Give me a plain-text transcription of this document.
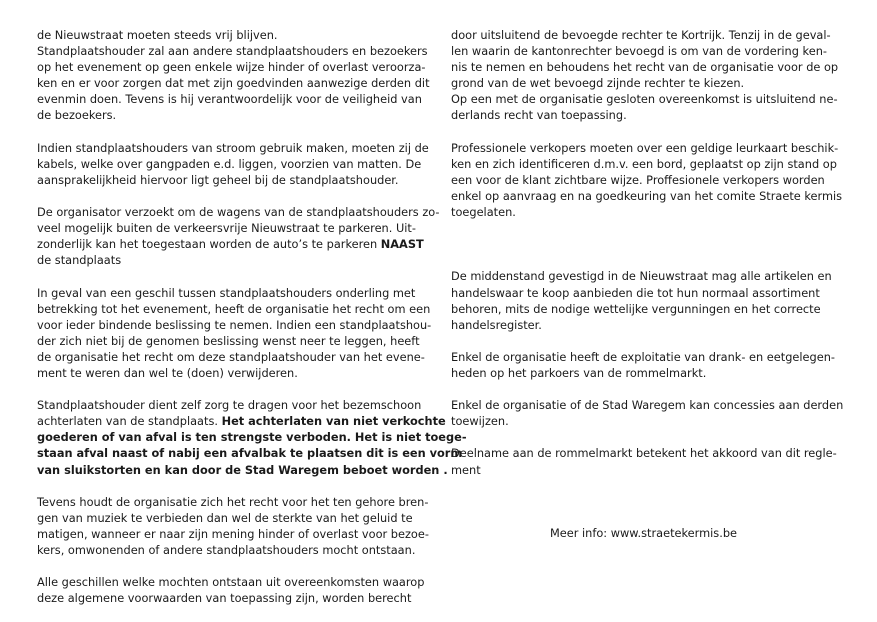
de Nieuwstraat moeten steeds vrij blijven.
Standplaatshouder zal aan andere standplaatshouders en bezoekers
op het evenement op geen enkele wijze hinder of overlast veroorza-
ken en er voor zorgen dat met zijn goedvinden aanwezige derden dit
evenmin doen. Tevens is hij verantwoordelijk voor de veiligheid van
de bezoekers.
Indien standplaatshouders van stroom gebruik maken, moeten zij de
kabels, welke over gangpaden e.d. liggen, voorzien van matten. De
aansprakelijkheid hiervoor ligt geheel bij de standplaatshouder.
De organisator verzoekt om de wagens van de standplaatshouders zo-
veel mogelijk buiten de verkeersvrije Nieuwstraat te parkeren. Uit-
zonderlijk kan het toegestaan worden de auto’s te parkeren NAAST
de standplaats
In geval van een geschil tussen standplaatshouders onderling met
betrekking tot het evenement, heeft de organisatie het recht om een
voor ieder bindende beslissing te nemen. Indien een standplaatshou-
der zich niet bij de genomen beslissing wenst neer te leggen, heeft
de organisatie het recht om deze standplaatshouder van het evene-
ment te weren dan wel te (doen) verwijderen.
Standplaatshouder dient zelf zorg te dragen voor het bezemschoon
achterlaten van de standplaats. Het achterlaten van niet verkochte
goederen of van afval is ten strengste verboden. Het is niet toege-
staan afval naast of nabij een afvalbak te plaatsen dit is een vorm
van sluikstorten en kan door de Stad Waregem beboet worden .
Tevens houdt de organisatie zich het recht voor het ten gehore bren-
gen van muziek te verbieden dan wel de sterkte van het geluid te
matigen, wanneer er naar zijn mening hinder of overlast voor bezoe-
kers, omwonenden of andere standplaatshouders mocht ontstaan.
Alle geschillen welke mochten ontstaan uit overeenkomsten waarop
deze algemene voorwaarden van toepassing zijn, worden berecht
door uitsluitend de bevoegde rechter te Kortrijk. Tenzij in de geval-
len waarin de kantonrechter bevoegd is om van de vordering ken-
nis te nemen en behoudens het recht van de organisatie voor de op
grond van de wet bevoegd zijnde rechter te kiezen.
Op een met de organisatie gesloten overeenkomst is uitsluitend ne-
derlands recht van toepassing.
Professionele verkopers moeten over een geldige leurkaart beschik-
ken en zich identificeren d.m.v. een bord, geplaatst op zijn stand op
een voor de klant zichtbare wijze. Proffesionele verkopers worden
enkel op aanvraag en na goedkeuring van het comite Straete kermis
toegelaten.
De middenstand gevestigd in de Nieuwstraat mag alle artikelen en
handelswaar te koop aanbieden die tot hun normaal assortiment
behoren, mits de nodige wettelijke vergunningen en het correcte
handelsregister.
Enkel de organisatie heeft de exploitatie van drank- en eetgelegen-
heden op het parkoers van de rommelmarkt.
Enkel de organisatie of de Stad Waregem kan concessies aan derden
toewijzen.
Deelname aan de rommelmarkt betekent het akkoord van dit regle-
ment
Meer info: www.straetekermis.be
